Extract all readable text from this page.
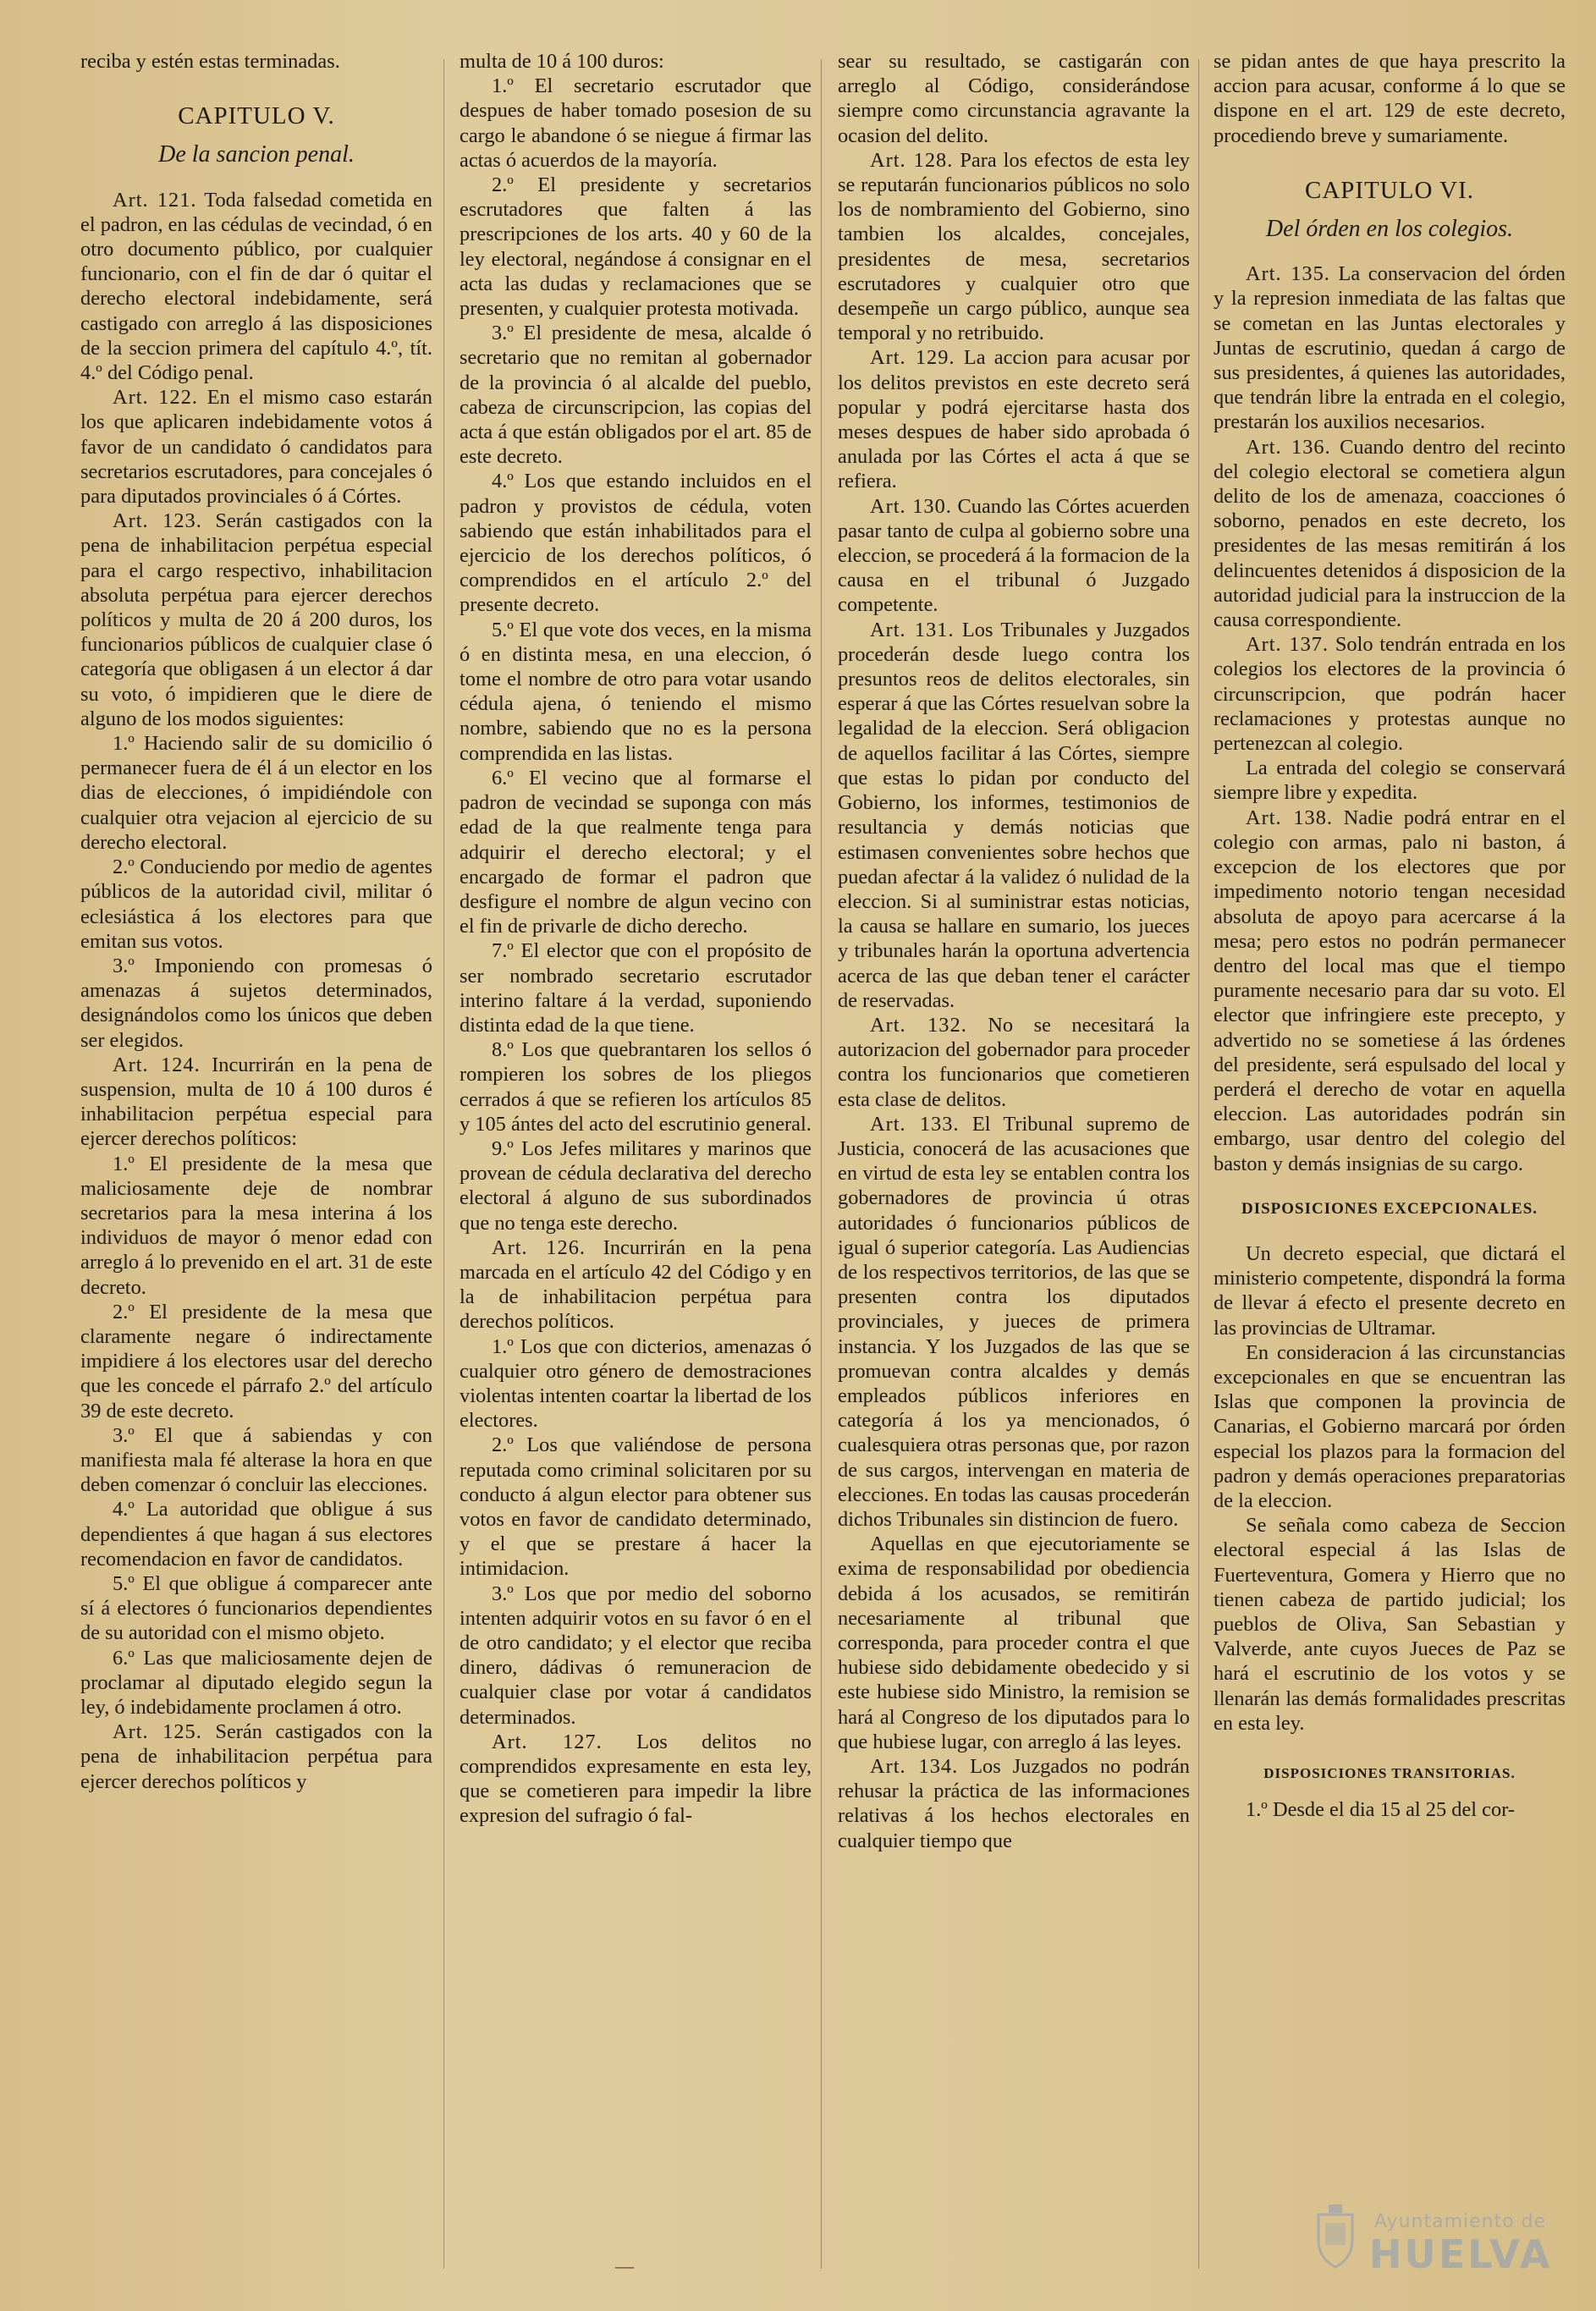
reciba y estén estas terminadas.

CAPITULO V.
De la sancion penal.

Art. 121. Toda falsedad cometida en el padron, en las cédulas de vecindad, ó en otro documento público, por cualquier funcionario, con el fin de dar ó quitar el derecho electoral indebidamente, será castigado con arreglo á las disposiciones de la seccion primera del capítulo 4.º, tít. 4.º del Código penal.

Art. 122. En el mismo caso estarán los que aplicaren indebidamente votos á favor de un candidato ó candidatos para secretarios escrutadores, para concejales ó para diputados provinciales ó á Córtes.

Art. 123. Serán castigados con la pena de inhabilitacion perpétua especial para el cargo respectivo, inhabilitacion absoluta perpétua para ejercer derechos políticos y multa de 20 á 200 duros, los funcionarios públicos de cualquier clase ó categoría que obligasen á un elector á dar su voto, ó impidieren que le diere de alguno de los modos siguientes:

1.º Haciendo salir de su domicilio ó permanecer fuera de él á un elector en los dias de elecciones, ó impidiéndole con cualquier otra vejacion al ejercicio de su derecho electoral.

2.º Conduciendo por medio de agentes públicos de la autoridad civil, militar ó eclesiástica á los electores para que emitan sus votos.

3.º Imponiendo con promesas ó amenazas á sujetos determinados, designándolos como los únicos que deben ser elegidos.

Art. 124. Incurrirán en la pena de suspension, multa de 10 á 100 duros é inhabilitacion perpétua especial para ejercer derechos políticos:

1.º El presidente de la mesa que maliciosamente deje de nombrar secretarios para la mesa interina á los individuos de mayor ó menor edad con arreglo á lo prevenido en el art. 31 de este decreto.

2.º El presidente de la mesa que claramente negare ó indirectamente impidiere á los electores usar del derecho que les concede el párrafo 2.º del artículo 39 de este decreto.

3.º El que á sabiendas y con manifiesta mala fé alterase la hora en que deben comenzar ó concluir las elecciones.

4.º La autoridad que obligue á sus dependientes á que hagan á sus electores recomendacion en favor de candidatos.

5.º El que obligue á comparecer ante sí á electores ó funcionarios dependientes de su autoridad con el mismo objeto.

6.º Las que maliciosamente dejen de proclamar al diputado elegido segun la ley, ó indebidamente proclamen á otro.

Art. 125. Serán castigados con la pena de inhabilitacion perpétua para ejercer derechos políticos y

multa de 10 á 100 duros:

1.º El secretario escrutador que despues de haber tomado posesion de su cargo le abandone ó se niegue á firmar las actas ó acuerdos de la mayoría.

2.º El presidente y secretarios escrutadores que falten á las prescripciones de los arts. 40 y 60 de la ley electoral, negándose á consignar en el acta las dudas y reclamaciones que se presenten, y cualquier protesta motivada.

3.º El presidente de mesa, alcalde ó secretario que no remitan al gobernador de la provincia ó al alcalde del pueblo, cabeza de circunscripcion, las copias del acta á que están obligados por el art. 85 de este decreto.

4.º Los que estando incluidos en el padron y provistos de cédula, voten sabiendo que están inhabilitados para el ejercicio de los derechos políticos, ó comprendidos en el artículo 2.º del presente decreto.

5.º El que vote dos veces, en la misma ó en distinta mesa, en una eleccion, ó tome el nombre de otro para votar usando cédula ajena, ó teniendo el mismo nombre, sabiendo que no es la persona comprendida en las listas.

6.º El vecino que al formarse el padron de vecindad se suponga con más edad de la que realmente tenga para adquirir el derecho electoral; y el encargado de formar el padron que desfigure el nombre de algun vecino con el fin de privarle de dicho derecho.

7.º El elector que con el propósito de ser nombrado secretario escrutador interino faltare á la verdad, suponiendo distinta edad de la que tiene.

8.º Los que quebrantaren los sellos ó rompieren los sobres de los pliegos cerrados á que se refieren los artículos 85 y 105 ántes del acto del escrutinio general.

9.º Los Jefes militares y marinos que provean de cédula declarativa del derecho electoral á alguno de sus subordinados que no tenga este derecho.

Art. 126. Incurrirán en la pena marcada en el artículo 42 del Código y en la de inhabilitacion perpétua para derechos políticos.

1.º Los que con dicterios, amenazas ó cualquier otro género de demostraciones violentas intenten coartar la libertad de los electores.

2.º Los que valiéndose de persona reputada como criminal solicitaren por su conducto á algun elector para obtener sus votos en favor de candidato determinado, y el que se prestare á hacer la intimidacion.

3.º Los que por medio del soborno intenten adquirir votos en su favor ó en el de otro candidato; y el elector que reciba dinero, dádivas ó remuneracion de cualquier clase por votar á candidatos determinados.

Art. 127. Los delitos no comprendidos expresamente en esta ley, que se cometieren para impedir la libre expresion del sufragio ó fal-

sear su resultado, se castigarán con arreglo al Código, considerándose siempre como circunstancia agravante la ocasion del delito.

Art. 128. Para los efectos de esta ley se reputarán funcionarios públicos no solo los de nombramiento del Gobierno, sino tambien los alcaldes, concejales, presidentes de mesa, secretarios escrutadores y cualquier otro que desempeñe un cargo público, aunque sea temporal y no retribuido.

Art. 129. La accion para acusar por los delitos previstos en este decreto será popular y podrá ejercitarse hasta dos meses despues de haber sido aprobada ó anulada por las Córtes el acta á que se refiera.

Art. 130. Cuando las Córtes acuerden pasar tanto de culpa al gobierno sobre una eleccion, se procederá á la formacion de la causa en el tribunal ó Juzgado competente.

Art. 131. Los Tribunales y Juzgados procederán desde luego contra los presuntos reos de delitos electorales, sin esperar á que las Córtes resuelvan sobre la legalidad de la eleccion. Será obligacion de aquellos facilitar á las Córtes, siempre que estas lo pidan por conducto del Gobierno, los informes, testimonios de resultancia y demás noticias que estimasen convenientes sobre hechos que puedan afectar á la validez ó nulidad de la eleccion. Si al suministrar estas noticias, la causa se hallare en sumario, los jueces y tribunales harán la oportuna advertencia acerca de las que deban tener el carácter de reservadas.

Art. 132. No se necesitará la autorizacion del gobernador para proceder contra los funcionarios que cometieren esta clase de delitos.

Art. 133. El Tribunal supremo de Justicia, conocerá de las acusaciones que en virtud de esta ley se entablen contra los gobernadores de provincia ú otras autoridades ó funcionarios públicos de igual ó superior categoría. Las Audiencias de los respectivos territorios, de las que se presenten contra los diputados provinciales, y jueces de primera instancia. Y los Juzgados de las que se promuevan contra alcaldes y demás empleados públicos inferiores en categoría á los ya mencionados, ó cualesquiera otras personas que, por razon de sus cargos, intervengan en materia de elecciones. En todas las causas procederán dichos Tribunales sin distincion de fuero.

Aquellas en que ejecutoriamente se exima de responsabilidad por obediencia debida á los acusados, se remitirán necesariamente al tribunal que corresponda, para proceder contra el que hubiese sido debidamente obedecido y si este hubiese sido Ministro, la remision se hará al Congreso de los diputados para lo que hubiese lugar, con arreglo á las leyes.

Art. 134. Los Juzgados no podrán rehusar la práctica de las informaciones relativas á los hechos electorales en cualquier tiempo que

se pidan antes de que haya prescrito la accion para acusar, conforme á lo que se dispone en el art. 129 de este decreto, procediendo breve y sumariamente.

CAPITULO VI.
Del órden en los colegios.

Art. 135. La conservacion del órden y la represion inmediata de las faltas que se cometan en las Juntas electorales y Juntas de escrutinio, quedan á cargo de sus presidentes, á quienes las autoridades, que tendrán libre la entrada en el colegio, prestarán los auxilios necesarios.

Art. 136. Cuando dentro del recinto del colegio electoral se cometiera algun delito de los de amenaza, coacciones ó soborno, penados en este decreto, los presidentes de las mesas remitirán á los delincuentes detenidos á disposicion de la autoridad judicial para la instruccion de la causa correspondiente.

Art. 137. Solo tendrán entrada en los colegios los electores de la provincia ó circunscripcion, que podrán hacer reclamaciones y protestas aunque no pertenezcan al colegio.

La entrada del colegio se conservará siempre libre y expedita.

Art. 138. Nadie podrá entrar en el colegio con armas, palo ni baston, á excepcion de los electores que por impedimento notorio tengan necesidad absoluta de apoyo para acercarse á la mesa; pero estos no podrán permanecer dentro del local mas que el tiempo puramente necesario para dar su voto. El elector que infringiere este precepto, y advertido no se sometiese á las órdenes del presidente, será espulsado del local y perderá el derecho de votar en aquella eleccion. Las autoridades podrán sin embargo, usar dentro del colegio del baston y demás insignias de su cargo.

DISPOSICIONES EXCEPCIONALES.

Un decreto especial, que dictará el ministerio competente, dispondrá la forma de llevar á efecto el presente decreto en las provincias de Ultramar.

En consideracion á las circunstancias excepcionales en que se encuentran las Islas que componen la provincia de Canarias, el Gobierno marcará por órden especial los plazos para la formacion del padron y demás operaciones preparatorias de la eleccion.

Se señala como cabeza de Seccion electoral especial á las Islas de Fuerteventura, Gomera y Hierro que no tienen cabeza de partido judicial; los pueblos de Oliva, San Sebastian y Valverde, ante cuyos Jueces de Paz se hará el escrutinio de los votos y se llenarán las demás formalidades prescritas en esta ley.

DISPOSICIONES TRANSITORIAS.

1.º Desde el dia 15 al 25 del cor-

—
Ayuntamiento de
HUELVA
